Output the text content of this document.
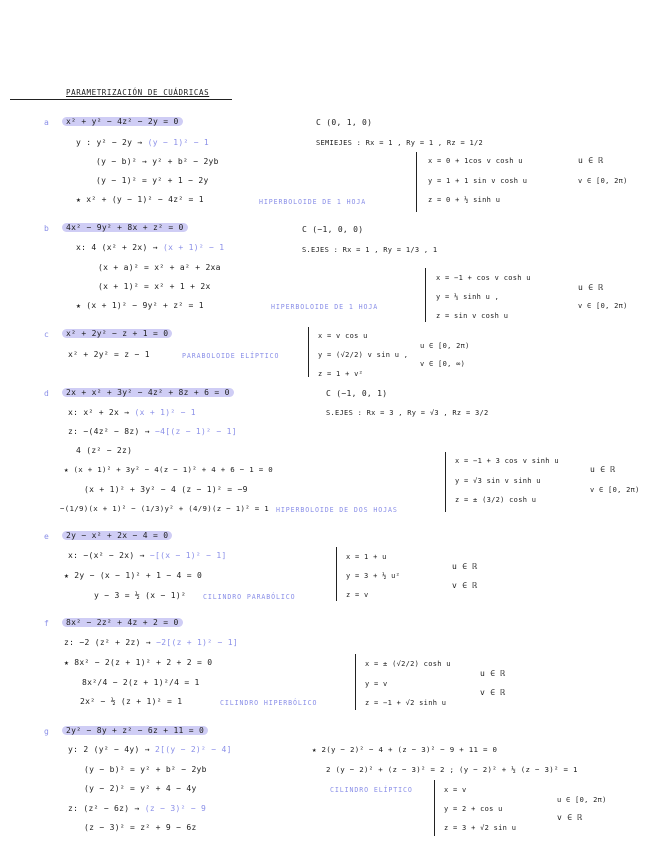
PARAMETRIZACIÓN DE CUÁDRICAS
a	x² + y² − 4z² − 2y = 0
y : y² − 2y → (y − 1)² − 1
(y − b)² → y² + b² − 2yb
(y − 1)² = y² + 1 − 2y
★ x² + (y − 1)² − 4z² = 1	HIPERBOLOIDE DE 1 HOJA
C (0, 1, 0)
SEMIEJES : Rx = 1 , Ry = 1 , Rz = 1/2
x = 0 + 1cos v cosh u
y = 1 + 1 sin v cosh u
z = 0 + ½ sinh u
u ∈ ℝ
v ∈ [0, 2π)
b	4x² − 9y² + 8x + z² = 0
x: 4 (x² + 2x) → (x + 1)² − 1
(x + a)² = x² + a² + 2xa
(x + 1)² = x² + 1 + 2x
★ (x + 1)² − 9y² + z² = 1	HIPERBOLOIDE DE 1 HOJA
C (−1, 0, 0)
S.EJES : Rx = 1 , Ry = 1/3 , 1
x = −1 + cos v cosh u
y = ⅓ sinh u ,
z = sin v cosh u
u ∈ ℝ
v ∈ [0, 2π)
c	x² + 2y² − z + 1 = 0
x² + 2y² = z − 1	PARABOLOIDE ELÍPTICO
x = v cos u
y = (√2/2) v sin u ,
z = 1 + v²
u ∈ [0, 2π)
v ∈ [0, ∞)
d	2x + x² + 3y² − 4z² + 8z + 6 = 0
x: x² + 2x → (x + 1)² − 1
z: −(4z² − 8z) → −4[(z − 1)² − 1]
4 (z² − 2z)
★ (x + 1)² + 3y² − 4(z − 1)² + 4 + 6 − 1 = 0
(x + 1)² + 3y² − 4 (z − 1)² = −9
−(1/9)(x + 1)² − (1/3)y² + (4/9)(z − 1)² = 1 HIPERBOLOIDE DE DOS HOJAS
C (−1, 0, 1)
S.EJES : Rx = 3 , Ry = √3 , Rz = 3/2
x = −1 + 3 cos v sinh u
y = √3 sin v sinh u
z = ± (3/2) cosh u
u ∈ ℝ
v ∈ [0, 2π)
e	2y − x² + 2x − 4 = 0
x: −(x² − 2x) → −[(x − 1)² − 1]
★ 2y − (x − 1)² + 1 − 4 = 0
y − 3 = ½ (x − 1)²	CILINDRO PARABÓLICO
x = 1 + u
y = 3 + ½ u²
z = v
u ∈ ℝ
v ∈ ℝ
f	8x² − 2z² + 4z + 2 = 0
z: −2 (z² + 2z) → −2[(z + 1)² − 1]
★ 8x² − 2(z + 1)² + 2 + 2 = 0
8x²/4 − 2(z + 1)²/4 = 1
2x² − ½ (z + 1)² = 1	CILINDRO HIPERBÓLICO
x = ± (√2/2) cosh u
y = v
z = −1 + √2 sinh u
u ∈ ℝ
v ∈ ℝ
g	2y² − 8y + z² − 6z + 11 = 0
y: 2 (y² − 4y) → 2[(y − 2)² − 4]
(y − b)² = y² + b² − 2yb
(y − 2)² = y² + 4 − 4y
z: (z² − 6z) → (z − 3)² − 9
(z − 3)² = z² + 9 − 6z
★ 2(y − 2)² − 4 + (z − 3)² − 9 + 11 = 0
2 (y − 2)² + (z − 3)² = 2 ; (y − 2)² + ½ (z − 3)² = 1
CILINDRO ELÍPTICO	x = v
y = 2 + cos u
z = 3 + √2 sin u
u ∈ [0, 2π)
v ∈ ℝ
